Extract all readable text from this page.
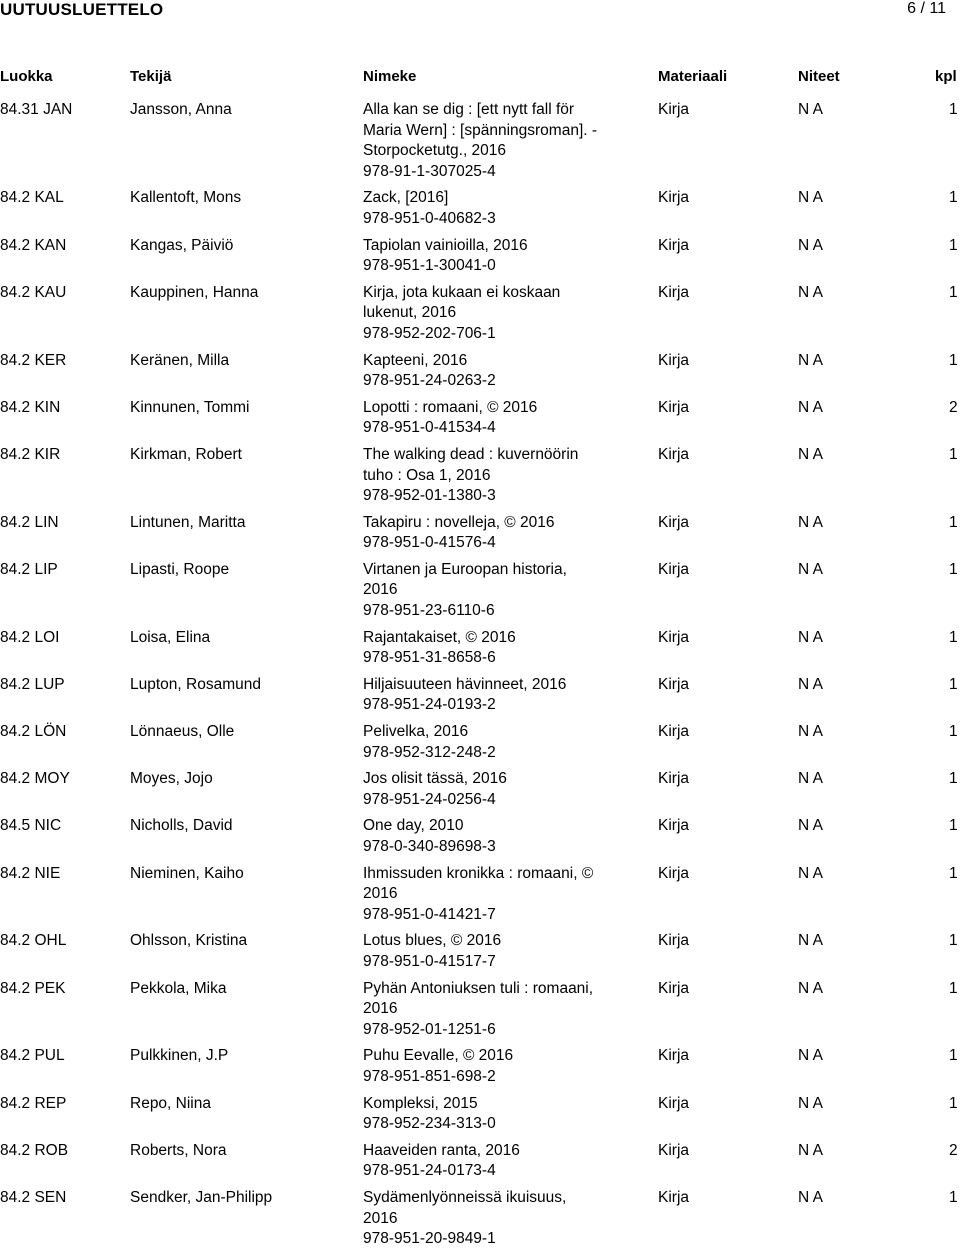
UUTUUSLUETTELO	6 / 11
Luokka	Tekijä	Nimeke	Materiaali	Niteet	kpl
84.31 JAN	Jansson, Anna	Alla kan se dig : [ett nytt fall för
Maria Wern] : [spänningsroman]. -
Storpocketutg., 2016
978-91-1-307025-4
Kirja	N A	1
84.2 KAL	Kallentoft, Mons	Zack, [2016]
978-951-0-40682-3
Kirja	N A	1
84.2 KAN	Kangas, Päiviö	Tapiolan vainioilla, 2016
978-951-1-30041-0
Kirja	N A	1
84.2 KAU	Kauppinen, Hanna	Kirja, jota kukaan ei koskaan
lukenut, 2016
978-952-202-706-1
Kirja	N A	1
84.2 KER	Keränen, Milla	Kapteeni, 2016
978-951-24-0263-2
Kirja	N A	1
84.2 KIN	Kinnunen, Tommi	Lopotti : romaani, © 2016
978-951-0-41534-4
Kirja	N A	2
84.2 KIR	Kirkman, Robert	The walking dead : kuvernöörin
tuho : Osa 1, 2016
978-952-01-1380-3
Kirja	N A	1
84.2 LIN	Lintunen, Maritta	Takapiru : novelleja, © 2016
978-951-0-41576-4
Kirja	N A	1
84.2 LIP	Lipasti, Roope	Virtanen ja Euroopan historia,
2016
978-951-23-6110-6
Kirja	N A	1
84.2 LOI	Loisa, Elina	Rajantakaiset, © 2016
978-951-31-8658-6
Kirja	N A	1
84.2 LUP	Lupton, Rosamund	Hiljaisuuteen hävinneet, 2016
978-951-24-0193-2
Kirja	N A	1
84.2 LÖN	Lönnaeus, Olle	Pelivelka, 2016
978-952-312-248-2
Kirja	N A	1
84.2 MOY	Moyes, Jojo	Jos olisit tässä, 2016
978-951-24-0256-4
Kirja	N A	1
84.5 NIC	Nicholls, David	One day, 2010
978-0-340-89698-3
Kirja	N A	1
84.2 NIE	Nieminen, Kaiho	Ihmissuden kronikka : romaani, ©
2016
978-951-0-41421-7
Kirja	N A	1
84.2 OHL	Ohlsson, Kristina	Lotus blues, © 2016
978-951-0-41517-7
Kirja	N A	1
84.2 PEK	Pekkola, Mika	Pyhän Antoniuksen tuli : romaani,
2016
978-952-01-1251-6
Kirja	N A	1
84.2 PUL	Pulkkinen, J.P	Puhu Eevalle, © 2016
978-951-851-698-2
Kirja	N A	1
84.2 REP	Repo, Niina	Kompleksi, 2015
978-952-234-313-0
Kirja	N A	1
84.2 ROB	Roberts, Nora	Haaveiden ranta, 2016
978-951-24-0173-4
Kirja	N A	2
84.2 SEN	Sendker, Jan-Philipp	Sydämenlyönneissä ikuisuus,
2016
978-951-20-9849-1
Kirja	N A	1
